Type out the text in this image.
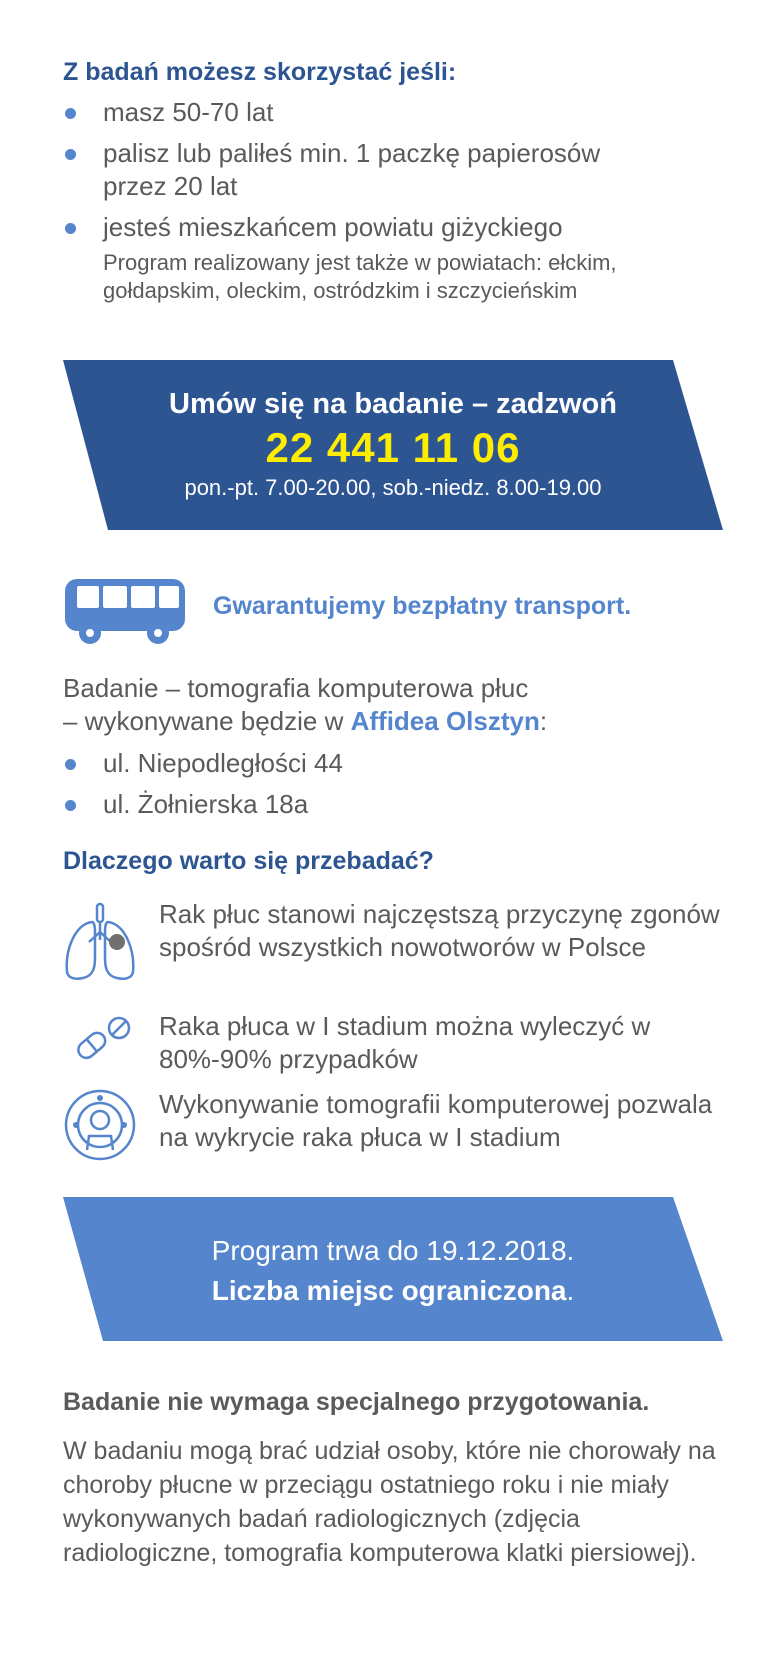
Z badań możesz skorzystać jeśli:
masz 50-70 lat
palisz lub paliłeś min. 1 paczkę papierosów przez 20 lat
jesteś mieszkańcem powiatu giżyckiego
Program realizowany jest także w powiatach: ełckim, gołdapskim, oleckim, ostródzkim i szczycieńskim
Umów się na badanie – zadzwoń
22 441 11 06
pon.-pt. 7.00-20.00, sob.-niedz. 8.00-19.00
Gwarantujemy bezpłatny transport.
Badanie – tomografia komputerowa płuc
– wykonywane będzie w Affidea Olsztyn:
ul. Niepodległości 44
ul. Żołnierska 18a
Dlaczego warto się przebadać?
Rak płuc stanowi najczęstszą przyczynę zgonów spośród wszystkich nowotworów w Polsce
Raka płuca w I stadium można wyleczyć w 80%-90% przypadków
Wykonywanie tomografii komputerowej pozwala na wykrycie raka płuca w I stadium
Program trwa do 19.12.2018.
Liczba miejsc ograniczona.
Badanie nie wymaga specjalnego przygotowania.
W badaniu mogą brać udział osoby, które nie chorowały na choroby płucne w przeciągu ostatniego roku i nie miały wykonywanych badań radiologicznych (zdjęcia radiologiczne, tomografia komputerowa klatki piersiowej).
